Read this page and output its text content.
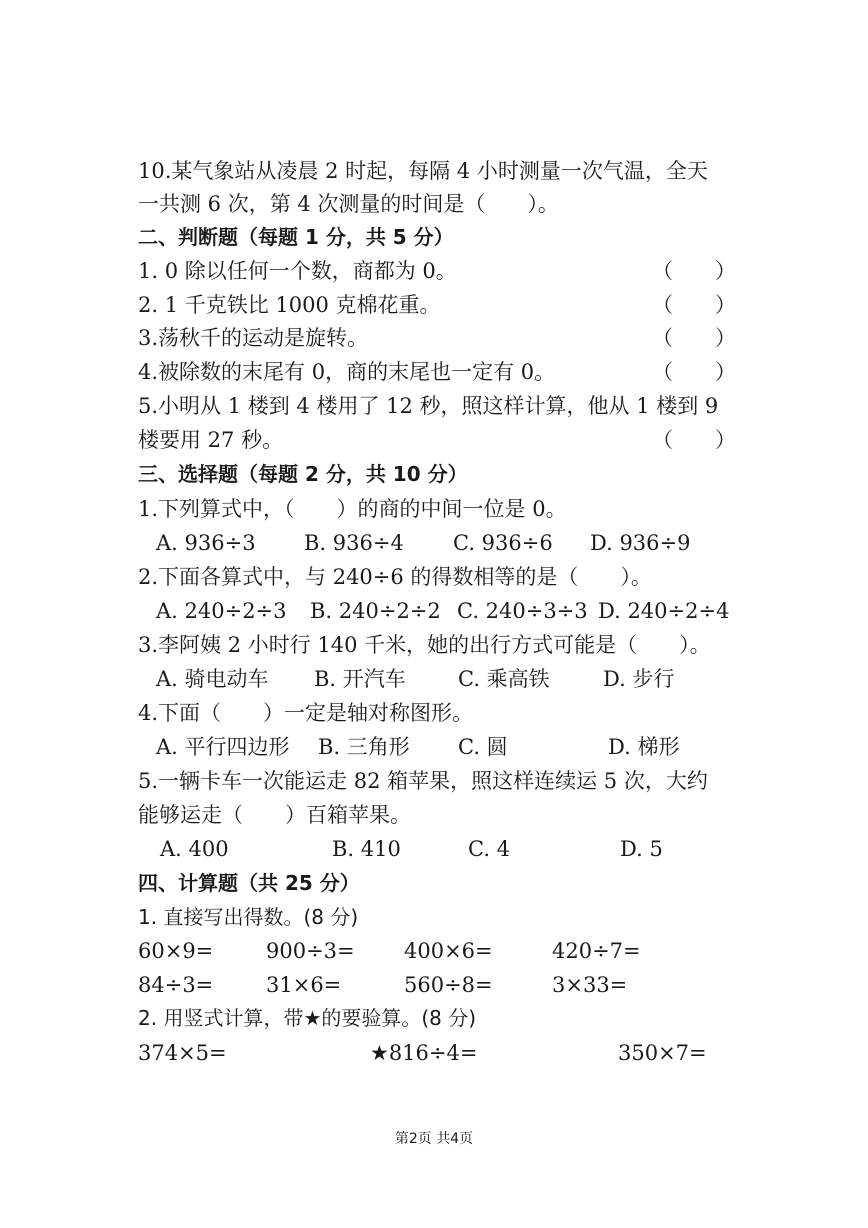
10.某气象站从凌晨 2 时起，每隔 4 小时测量一次气温，全天
一共测 6 次，第 4 次测量的时间是（　　）。
二、判断题（每题 1 分，共 5 分）
1. 0 除以任何一个数，商都为 0。	（　　）
2. 1 千克铁比 1000 克棉花重。	（　　）
3.荡秋千的运动是旋转。	（　　）
4.被除数的末尾有 0，商的末尾也一定有 0。	（　　）
5.小明从 1 楼到 4 楼用了 12 秒，照这样计算，他从 1 楼到 9
楼要用 27 秒。	（　　）
三、选择题（每题 2 分，共 10 分）
1.下列算式中，（　　）的商的中间一位是 0。
A. 936÷3 B. 936÷4 C. 936÷6 D. 936÷9
2.下面各算式中，与 240÷6 的得数相等的是（　　）。
A. 240÷2÷3 B. 240÷2÷2 C. 240÷3÷3 D. 240÷2÷4
3.李阿姨 2 小时行 140 千米，她的出行方式可能是（　　）。
A. 骑电动车 B. 开汽车 C. 乘高铁	D. 步行
4.下面（　　）一定是轴对称图形。
A. 平行四边形 B. 三角形 C. 圆	D. 梯形
5.一辆卡车一次能运走 82 箱苹果，照这样连续运 5 次，大约
能够运走（　　）百箱苹果。
A. 400	B. 410	C. 4	D. 5
四、计算题（共 25 分）
1. 直接写出得数。(8 分)
60×9=	900÷3= 400×6=	420÷7=
84÷3=	31×6=	560÷8=	3×33=
2. 用竖式计算，带★的要验算。(8 分)
374×5=	★816÷4=	350×7=
第2页 共4页
